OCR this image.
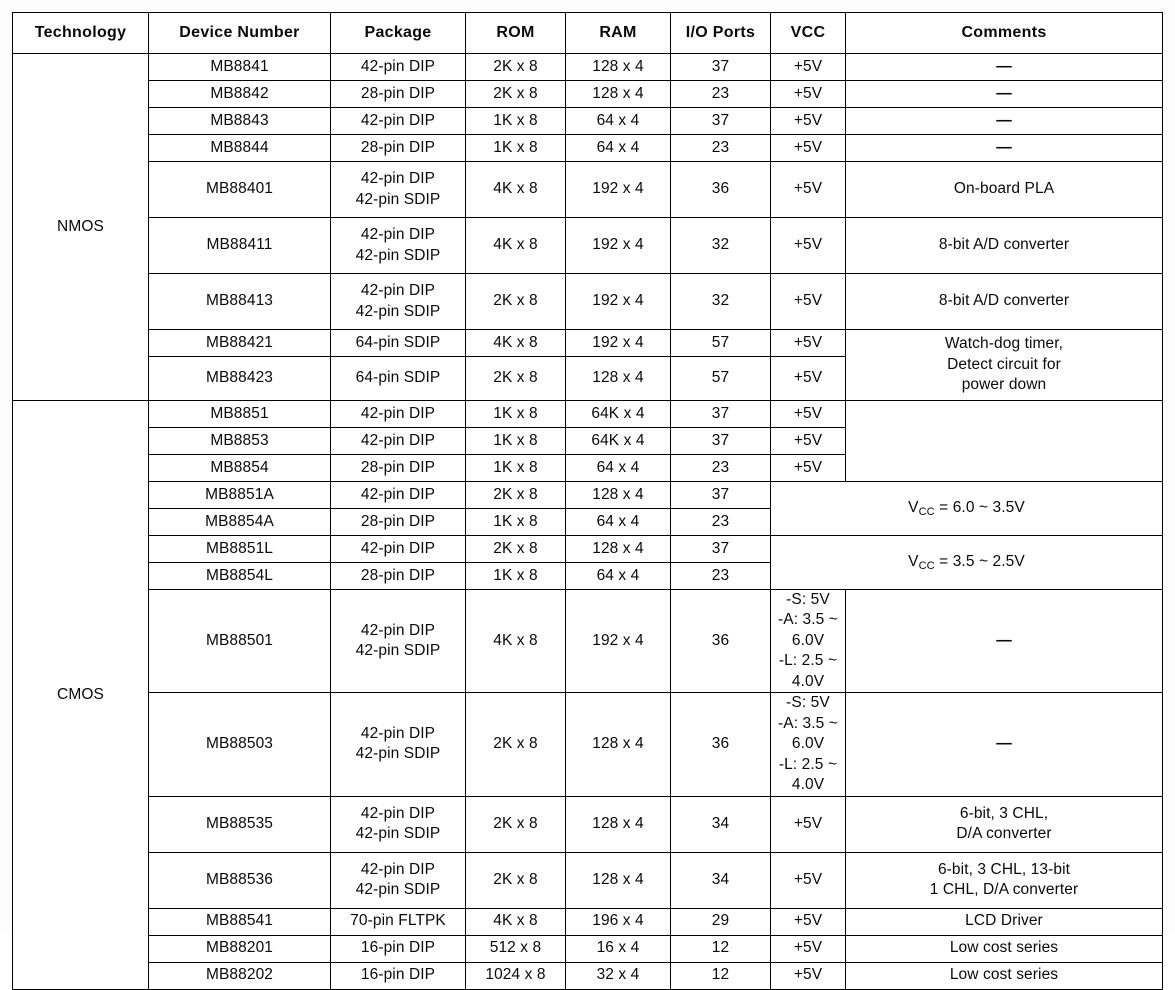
Technology	Device Number	Package	ROM	RAM	I/O Ports	VCC	Comments
NMOS	MB8841	42-pin DIP	2K x 8	128 x 4	37	+5V	—
	MB8842	28-pin DIP	2K x 8	128 x 4	23	+5V	—
	MB8843	42-pin DIP	1K x 8	64 x 4	37	+5V	—
	MB8844	28-pin DIP	1K x 8	64 x 4	23	+5V	—
	MB88401	42-pin DIP
42-pin SDIP	4K x 8	192 x 4	36	+5V	On-board PLA
	MB88411	42-pin DIP
42-pin SDIP	4K x 8	192 x 4	32	+5V	8-bit A/D converter
	MB88413	42-pin DIP
42-pin SDIP	2K x 8	192 x 4	32	+5V	8-bit A/D converter
	MB88421	64-pin SDIP	4K x 8	192 x 4	57	+5V	Watch-dog timer,
Detect circuit for
power down
	MB88423	64-pin SDIP	2K x 8	128 x 4	57	+5V	
CMOS	MB8851	42-pin DIP	1K x 8	64K x 4	37	+5V	
	MB8853	42-pin DIP	1K x 8	64K x 4	37	+5V	
	MB8854	28-pin DIP	1K x 8	64 x 4	23	+5V	
	MB8851A	42-pin DIP	2K x 8	128 x 4	37	$V_{CC} = 6.0$ ~ 3.5V	
	MB8854A	28-pin DIP	1K x 8	64 x 4	23		
	MB8851L	42-pin DIP	2K x 8	128 x 4	37	$V_{CC} = 3.5$ ~ 2.5V	
	MB8854L	28-pin DIP	1K x 8	64 x 4	23		
	MB88501	42-pin DIP
42-pin SDIP	4K x 8	192 x 4	36	-S: 5V
-A: 3.5 ~ 6.0V
-L: 2.5 ~ 4.0V	—
	MB88503	42-pin DIP
42-pin SDIP	2K x 8	128 x 4	36	-S: 5V
-A: 3.5 ~ 6.0V
-L: 2.5 ~ 4.0V	—
	MB88535	42-pin DIP
42-pin SDIP	2K x 8	128 x 4	34	+5V	6-bit, 3 CHL,
D/A converter
	MB88536	42-pin DIP
42-pin SDIP	2K x 8	128 x 4	34	+5V	6-bit, 3 CHL, 13-bit
1 CHL, D/A converter
	MB88541	70-pin FLTPK	4K x 8	196 x 4	29	+5V	LCD Driver
	MB88201	16-pin DIP	512 x 8	16 x 4	12	+5V	Low cost series
	MB88202	16-pin DIP	1024 x 8	32 x 4	12	+5V	Low cost series
